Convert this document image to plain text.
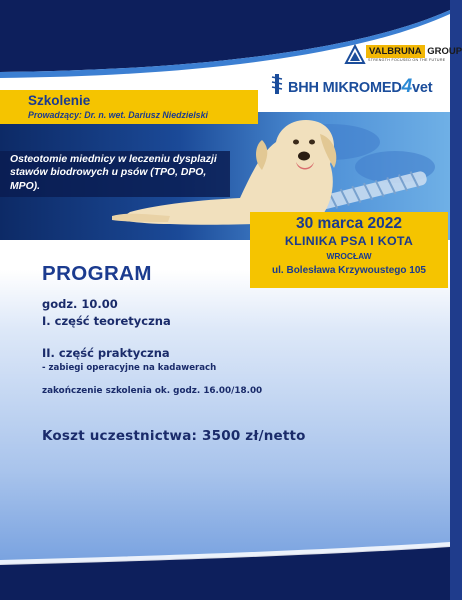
VALBRUNA GROUP
STRENGTH FOCUSED ON THE FUTURE
BHH MIKROMED4vet
Szkolenie
Prowadzący: Dr. n. wet. Dariusz Niedzielski
Osteotomie miednicy w leczeniu dysplazji stawów biodrowych u psów (TPO, DPO, MPO).
30 marca 2022
KLINIKA PSA I KOTA
WROCŁAW
ul. Bolesława Krzywoustego 105
PROGRAM
godz. 10.00
I. część teoretyczna
II. część praktyczna
- zabiegi operacyjne na kadawerach
zakończenie szkolenia ok. godz. 16.00/18.00
Koszt uczestnictwa: 3500 zł/netto
